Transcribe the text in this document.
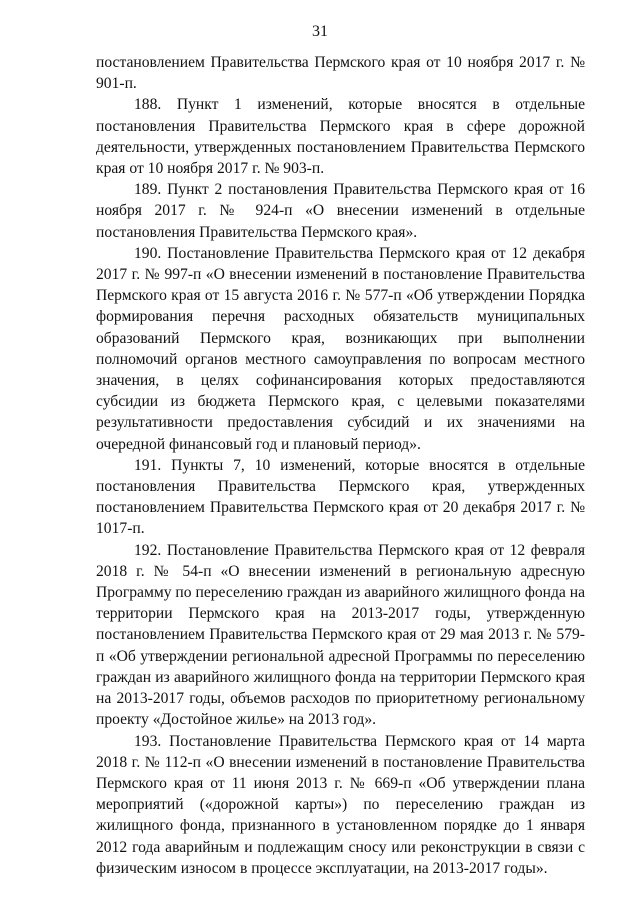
31

постановлением Правительства Пермского края от 10 ноября 2017 г. № 901-п.

188. Пункт 1 изменений, которые вносятся в отдельные постановления Правительства Пермского края в сфере дорожной деятельности, утвержденных постановлением Правительства Пермского края от 10 ноября 2017 г. № 903-п.

189. Пункт 2 постановления Правительства Пермского края от 16 ноября 2017 г. № 924-п «О внесении изменений в отдельные постановления Правительства Пермского края».

190. Постановление Правительства Пермского края от 12 декабря 2017 г. № 997-п «О внесении изменений в постановление Правительства Пермского края от 15 августа 2016 г. № 577-п «Об утверждении Порядка формирования перечня расходных обязательств муниципальных образований Пермского края, возникающих при выполнении полномочий органов местного самоуправления по вопросам местного значения, в целях софинансирования которых предоставляются субсидии из бюджета Пермского края, с целевыми показателями результативности предоставления субсидий и их значениями на очередной финансовый год и плановый период».

191. Пункты 7, 10 изменений, которые вносятся в отдельные постановления Правительства Пермского края, утвержденных постановлением Правительства Пермского края от 20 декабря 2017 г. № 1017-п.

192. Постановление Правительства Пермского края от 12 февраля 2018 г. № 54-п «О внесении изменений в региональную адресную Программу по переселению граждан из аварийного жилищного фонда на территории Пермского края на 2013-2017 годы, утвержденную постановлением Правительства Пермского края от 29 мая 2013 г. № 579-п «Об утверждении региональной адресной Программы по переселению граждан из аварийного жилищного фонда на территории Пермского края на 2013-2017 годы, объемов расходов по приоритетному региональному проекту «Достойное жилье» на 2013 год».

193. Постановление Правительства Пермского края от 14 марта 2018 г. № 112-п «О внесении изменений в постановление Правительства Пермского края от 11 июня 2013 г. № 669-п «Об утверждении плана мероприятий («дорожной карты») по переселению граждан из жилищного фонда, признанного в установленном порядке до 1 января 2012 года аварийным и подлежащим сносу или реконструкции в связи с физическим износом в процессе эксплуатации, на 2013-2017 годы».
